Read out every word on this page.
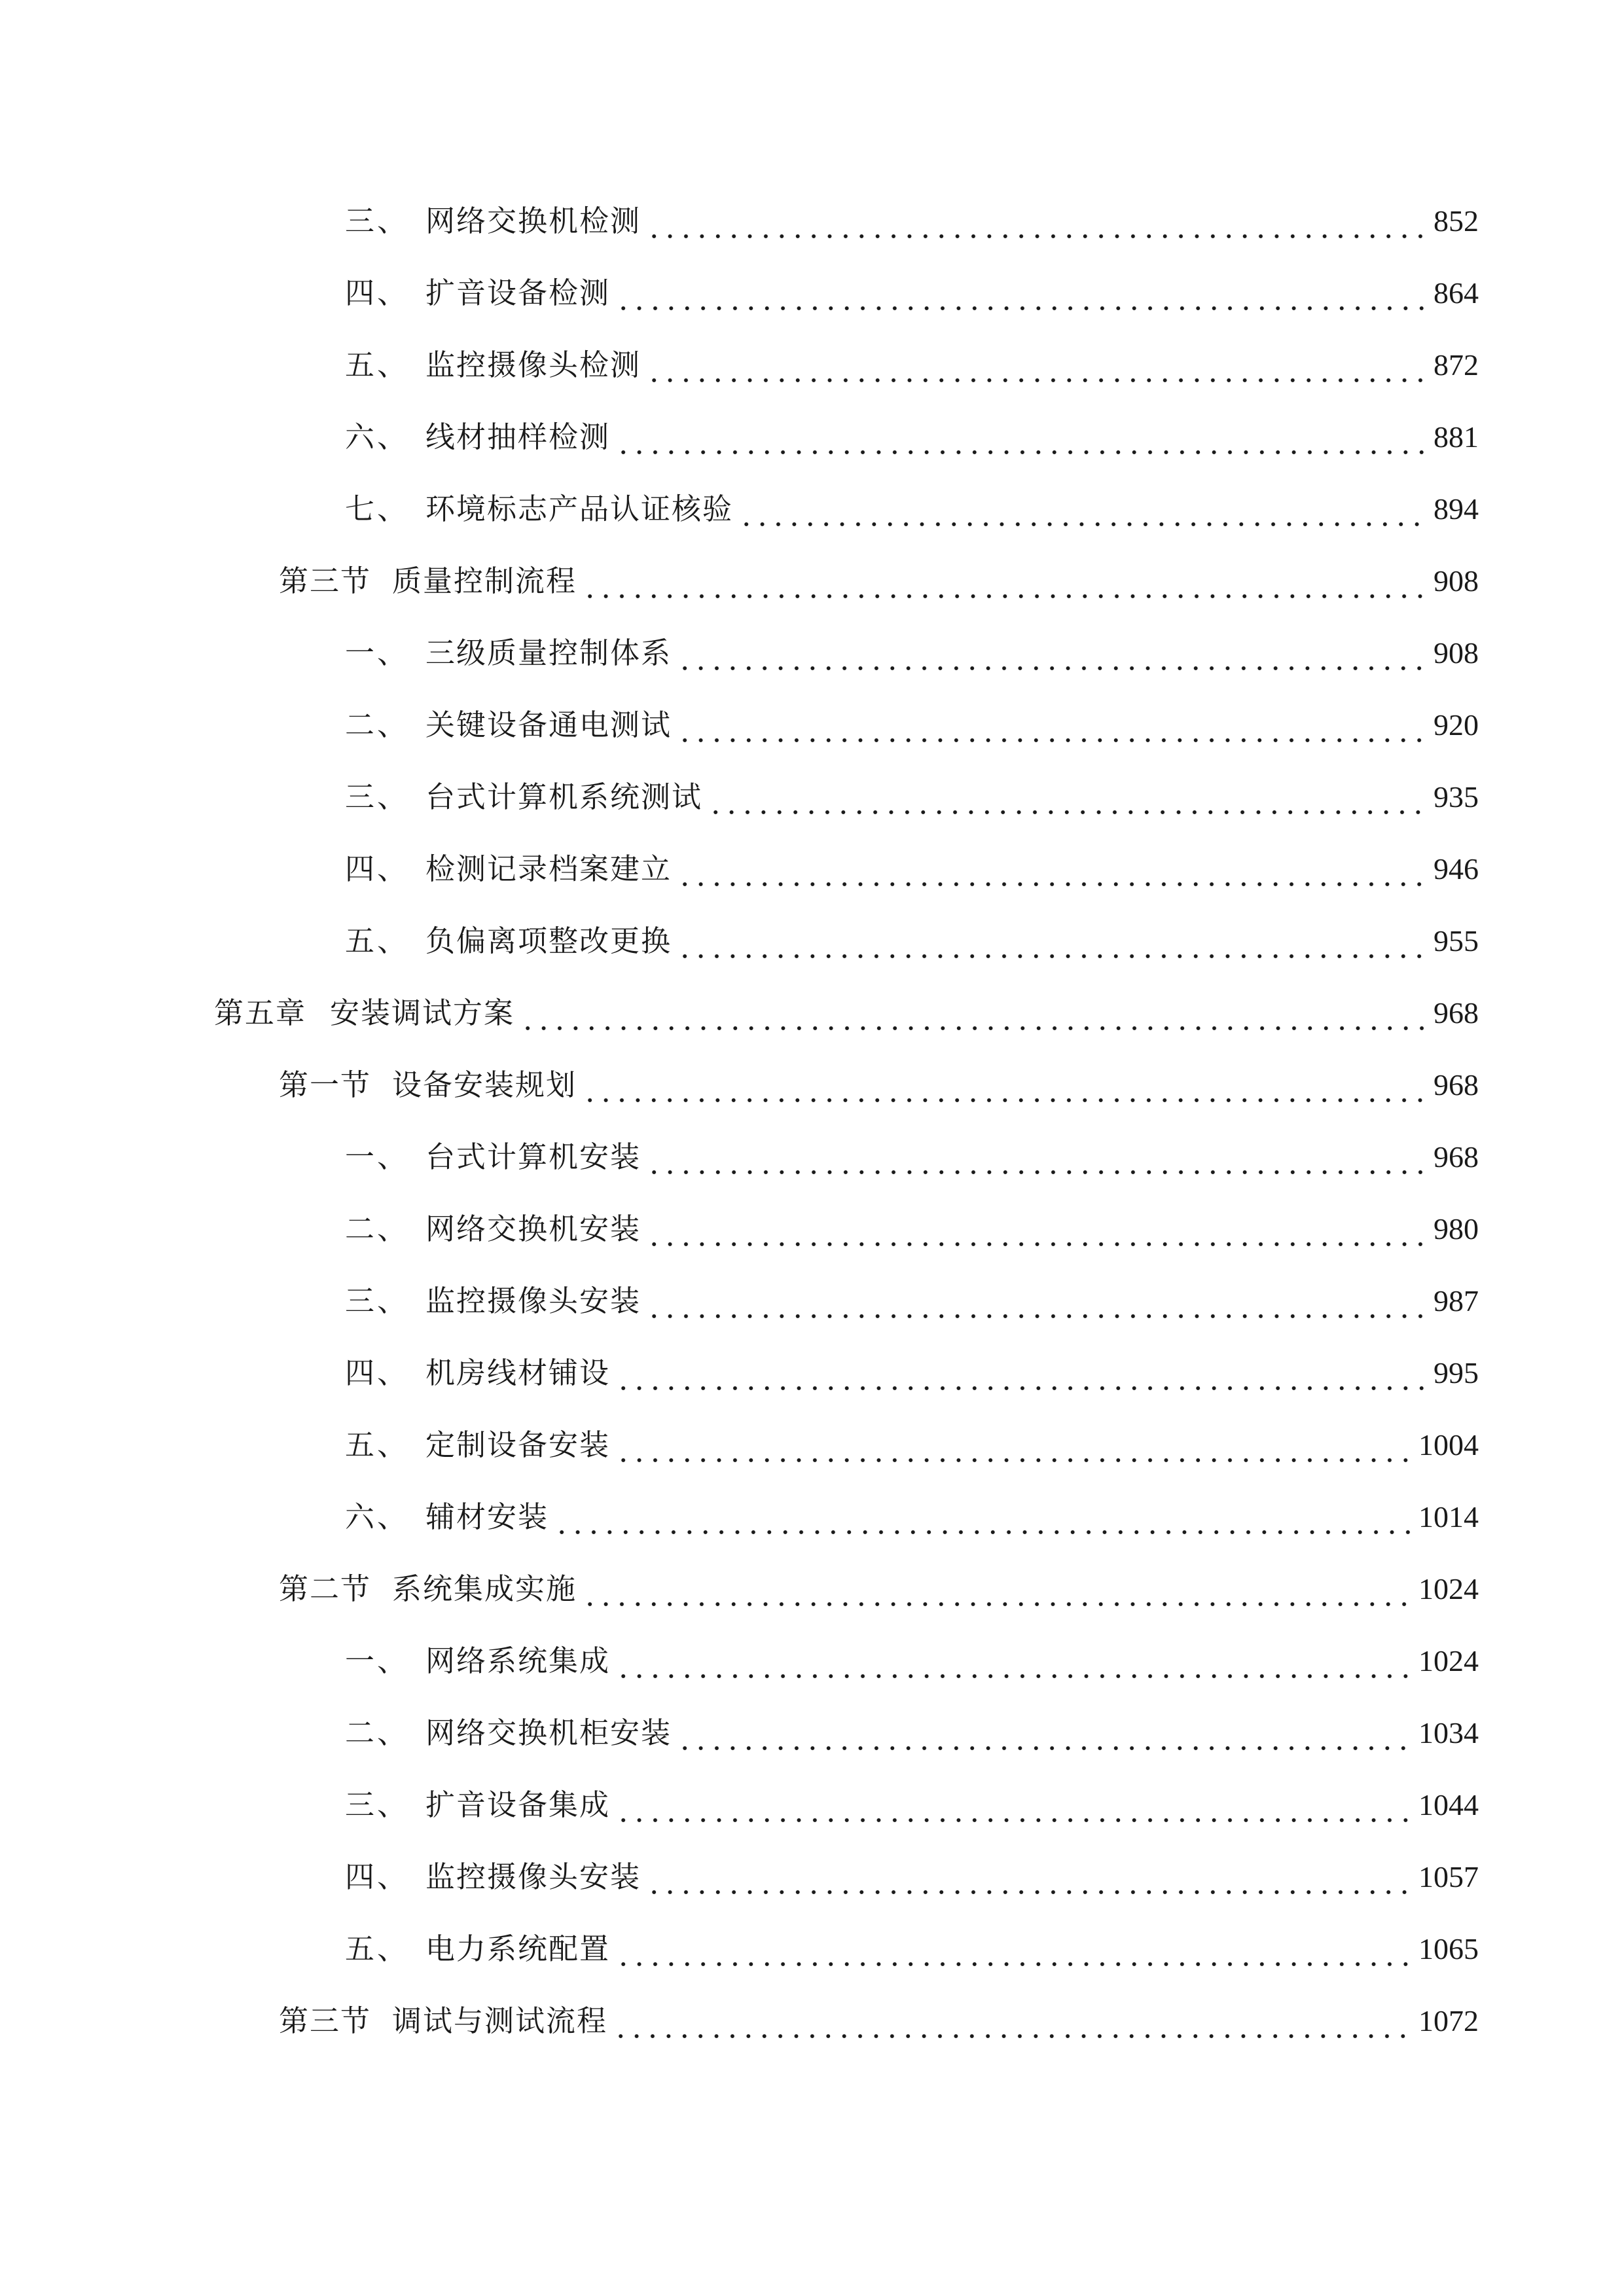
三、 网络交换机检测	852
四、 扩音设备检测	864
五、 监控摄像头检测	872
六、 线材抽样检测	881
七、 环境标志产品认证核验	894
第三节 质量控制流程	908
一、 三级质量控制体系	908
二、 关键设备通电测试	920
三、 台式计算机系统测试	935
四、 检测记录档案建立	946
五、 负偏离项整改更换	955
第五章 安装调试方案	968
第一节 设备安装规划	968
一、 台式计算机安装	968
二、 网络交换机安装	980
三、 监控摄像头安装	987
四、 机房线材铺设	995
五、 定制设备安装	1004
六、 辅材安装	1014
第二节 系统集成实施	1024
一、 网络系统集成	1024
二、 网络交换机柜安装	1034
三、 扩音设备集成	1044
四、 监控摄像头安装	1057
五、 电力系统配置	1065
第三节 调试与测试流程	1072
